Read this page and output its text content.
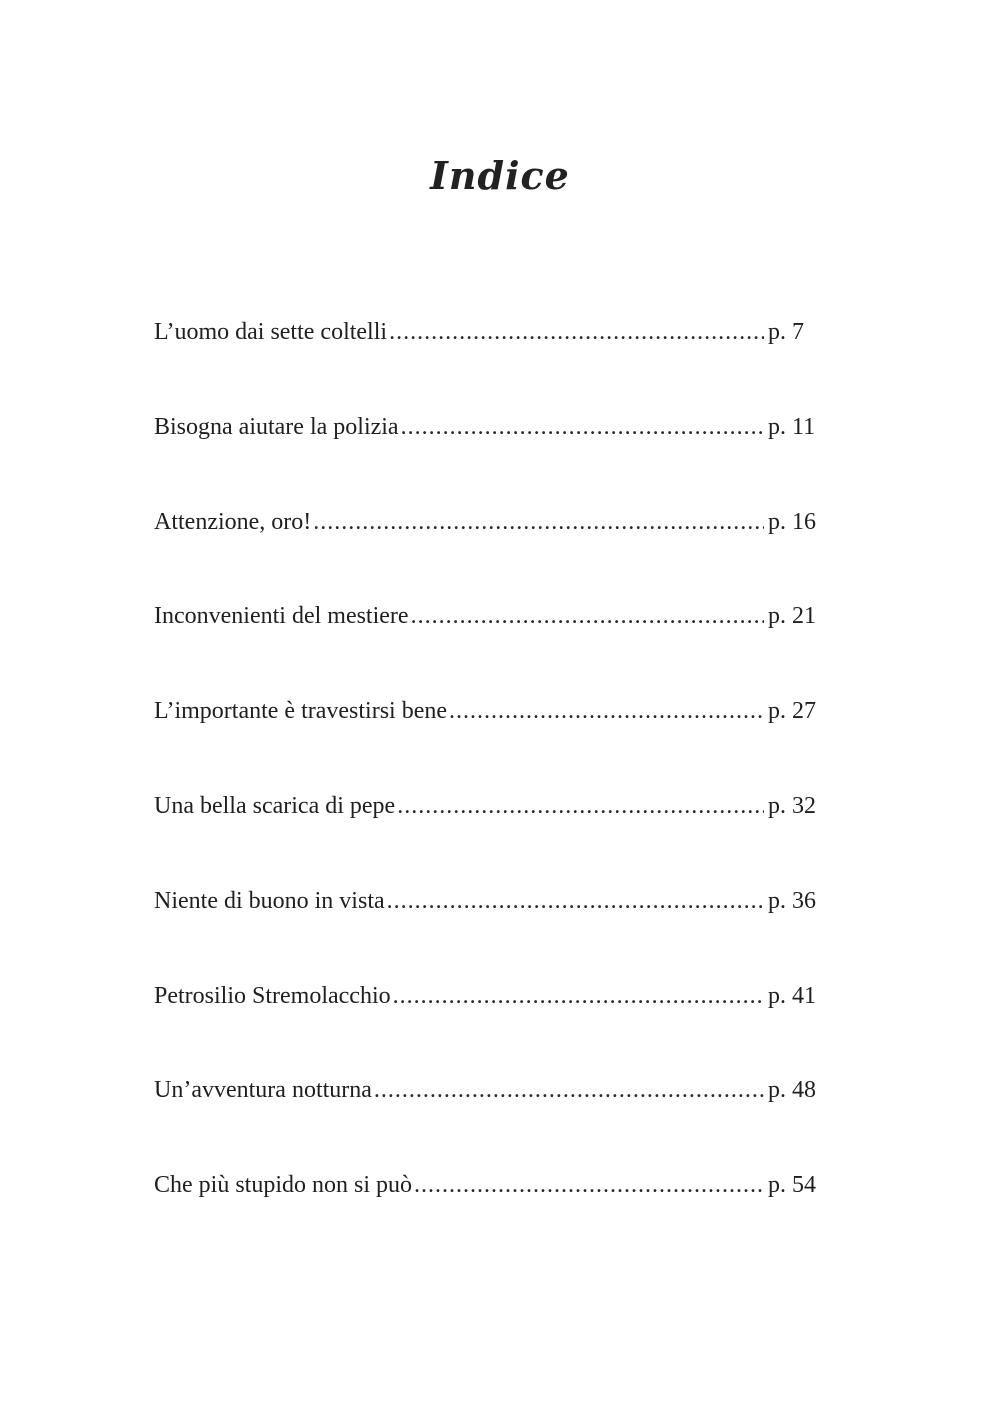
Indice
L’uomo dai sette coltelli .....	p. 7
Bisogna aiutare la polizia .....	p. 11
Attenzione, oro! .....	p. 16
Inconvenienti del mestiere .....	p. 21
L’importante è travestirsi bene .....	p. 27
Una bella scarica di pepe .....	p. 32
Niente di buono in vista .....	p. 36
Petrosilio Stremolacchio .....	p. 41
Un’avventura notturna .....	p. 48
Che più stupido non si può .....	p. 54
